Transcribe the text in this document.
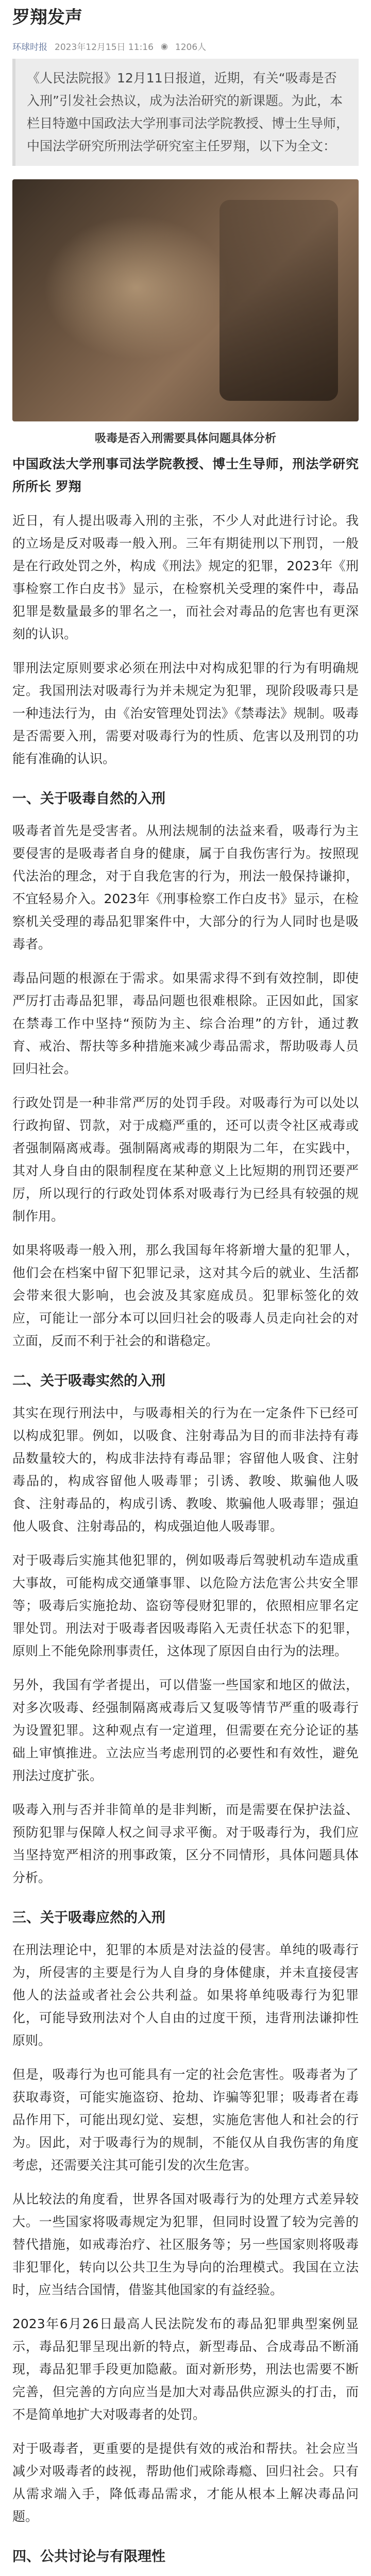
罗翔发声
环球时报 2023年12月15日 11:16 ◉ 1206人
《人民法院报》12月11日报道，近期，有关“吸毒是否入刑”引发社会热议，成为法治研究的新课题。为此，本栏目特邀中国政法大学刑事司法学院教授、博士生导师，中国法学研究所刑法学研究室主任罗翔，以下为全文：
吸毒是否入刑需要具体问题具体分析
中国政法大学刑事司法学院教授、博士生导师，刑法学研究所所长 罗翔
近日，有人提出吸毒入刑的主张，不少人对此进行讨论。我的立场是反对吸毒一般入刑。三年有期徒刑以下刑罚，一般是在行政处罚之外，构成《刑法》规定的犯罪，2023年《刑事检察工作白皮书》显示，在检察机关受理的案件中，毒品犯罪是数量最多的罪名之一，而社会对毒品的危害也有更深刻的认识。
罪刑法定原则要求必须在刑法中对构成犯罪的行为有明确规定。我国刑法对吸毒行为并未规定为犯罪，现阶段吸毒只是一种违法行为，由《治安管理处罚法》《禁毒法》规制。吸毒是否需要入刑，需要对吸毒行为的性质、危害以及刑罚的功能有准确的认识。
一、关于吸毒自然的入刑
吸毒者首先是受害者。从刑法规制的法益来看，吸毒行为主要侵害的是吸毒者自身的健康，属于自我伤害行为。按照现代法治的理念，对于自我危害的行为，刑法一般保持谦抑，不宜轻易介入。2023年《刑事检察工作白皮书》显示，在检察机关受理的毒品犯罪案件中，大部分的行为人同时也是吸毒者。
毒品问题的根源在于需求。如果需求得不到有效控制，即使严厉打击毒品犯罪，毒品问题也很难根除。正因如此，国家在禁毒工作中坚持“预防为主、综合治理”的方针，通过教育、戒治、帮扶等多种措施来减少毒品需求，帮助吸毒人员回归社会。
行政处罚是一种非常严厉的处罚手段。对吸毒行为可以处以行政拘留、罚款，对于成瘾严重的，还可以责令社区戒毒或者强制隔离戒毒。强制隔离戒毒的期限为二年，在实践中，其对人身自由的限制程度在某种意义上比短期的刑罚还要严厉，所以现行的行政处罚体系对吸毒行为已经具有较强的规制作用。
如果将吸毒一般入刑，那么我国每年将新增大量的犯罪人，他们会在档案中留下犯罪记录，这对其今后的就业、生活都会带来很大影响，也会波及其家庭成员。犯罪标签化的效应，可能让一部分本可以回归社会的吸毒人员走向社会的对立面，反而不利于社会的和谐稳定。
二、关于吸毒实然的入刑
其实在现行刑法中，与吸毒相关的行为在一定条件下已经可以构成犯罪。例如，以吸食、注射毒品为目的而非法持有毒品数量较大的，构成非法持有毒品罪；容留他人吸食、注射毒品的，构成容留他人吸毒罪；引诱、教唆、欺骗他人吸食、注射毒品的，构成引诱、教唆、欺骗他人吸毒罪；强迫他人吸食、注射毒品的，构成强迫他人吸毒罪。
对于吸毒后实施其他犯罪的，例如吸毒后驾驶机动车造成重大事故，可能构成交通肇事罪、以危险方法危害公共安全罪等；吸毒后实施抢劫、盗窃等侵财犯罪的，依照相应罪名定罪处罚。刑法对于吸毒者因吸毒陷入无责任状态下的犯罪，原则上不能免除刑事责任，这体现了原因自由行为的法理。
另外，我国有学者提出，可以借鉴一些国家和地区的做法，对多次吸毒、经强制隔离戒毒后又复吸等情节严重的吸毒行为设置犯罪。这种观点有一定道理，但需要在充分论证的基础上审慎推进。立法应当考虑刑罚的必要性和有效性，避免刑法过度扩张。
吸毒入刑与否并非简单的是非判断，而是需要在保护法益、预防犯罪与保障人权之间寻求平衡。对于吸毒行为，我们应当坚持宽严相济的刑事政策，区分不同情形，具体问题具体分析。
三、关于吸毒应然的入刑
在刑法理论中，犯罪的本质是对法益的侵害。单纯的吸毒行为，所侵害的主要是行为人自身的身体健康，并未直接侵害他人的法益或者社会公共利益。如果将单纯吸毒行为犯罪化，可能导致刑法对个人自由的过度干预，违背刑法谦抑性原则。
但是，吸毒行为也可能具有一定的社会危害性。吸毒者为了获取毒资，可能实施盗窃、抢劫、诈骗等犯罪；吸毒者在毒品作用下，可能出现幻觉、妄想，实施危害他人和社会的行为。因此，对于吸毒行为的规制，不能仅从自我伤害的角度考虑，还需要关注其可能引发的次生危害。
从比较法的角度看，世界各国对吸毒行为的处理方式差异较大。一些国家将吸毒规定为犯罪，但同时设置了较为完善的替代措施，如戒毒治疗、社区服务等；另一些国家则将吸毒非犯罪化，转向以公共卫生为导向的治理模式。我国在立法时，应当结合国情，借鉴其他国家的有益经验。
2023年6月26日最高人民法院发布的毒品犯罪典型案例显示，毒品犯罪呈现出新的特点，新型毒品、合成毒品不断涌现，毒品犯罪手段更加隐蔽。面对新形势，刑法也需要不断完善，但完善的方向应当是加大对毒品供应源头的打击，而不是简单地扩大对吸毒者的处罚。
对于吸毒者，更重要的是提供有效的戒治和帮扶。社会应当减少对吸毒者的歧视，帮助他们戒除毒瘾、回归社会。只有从需求端入手，降低毒品需求，才能从根本上解决毒品问题。
四、公共讨论与有限理性
